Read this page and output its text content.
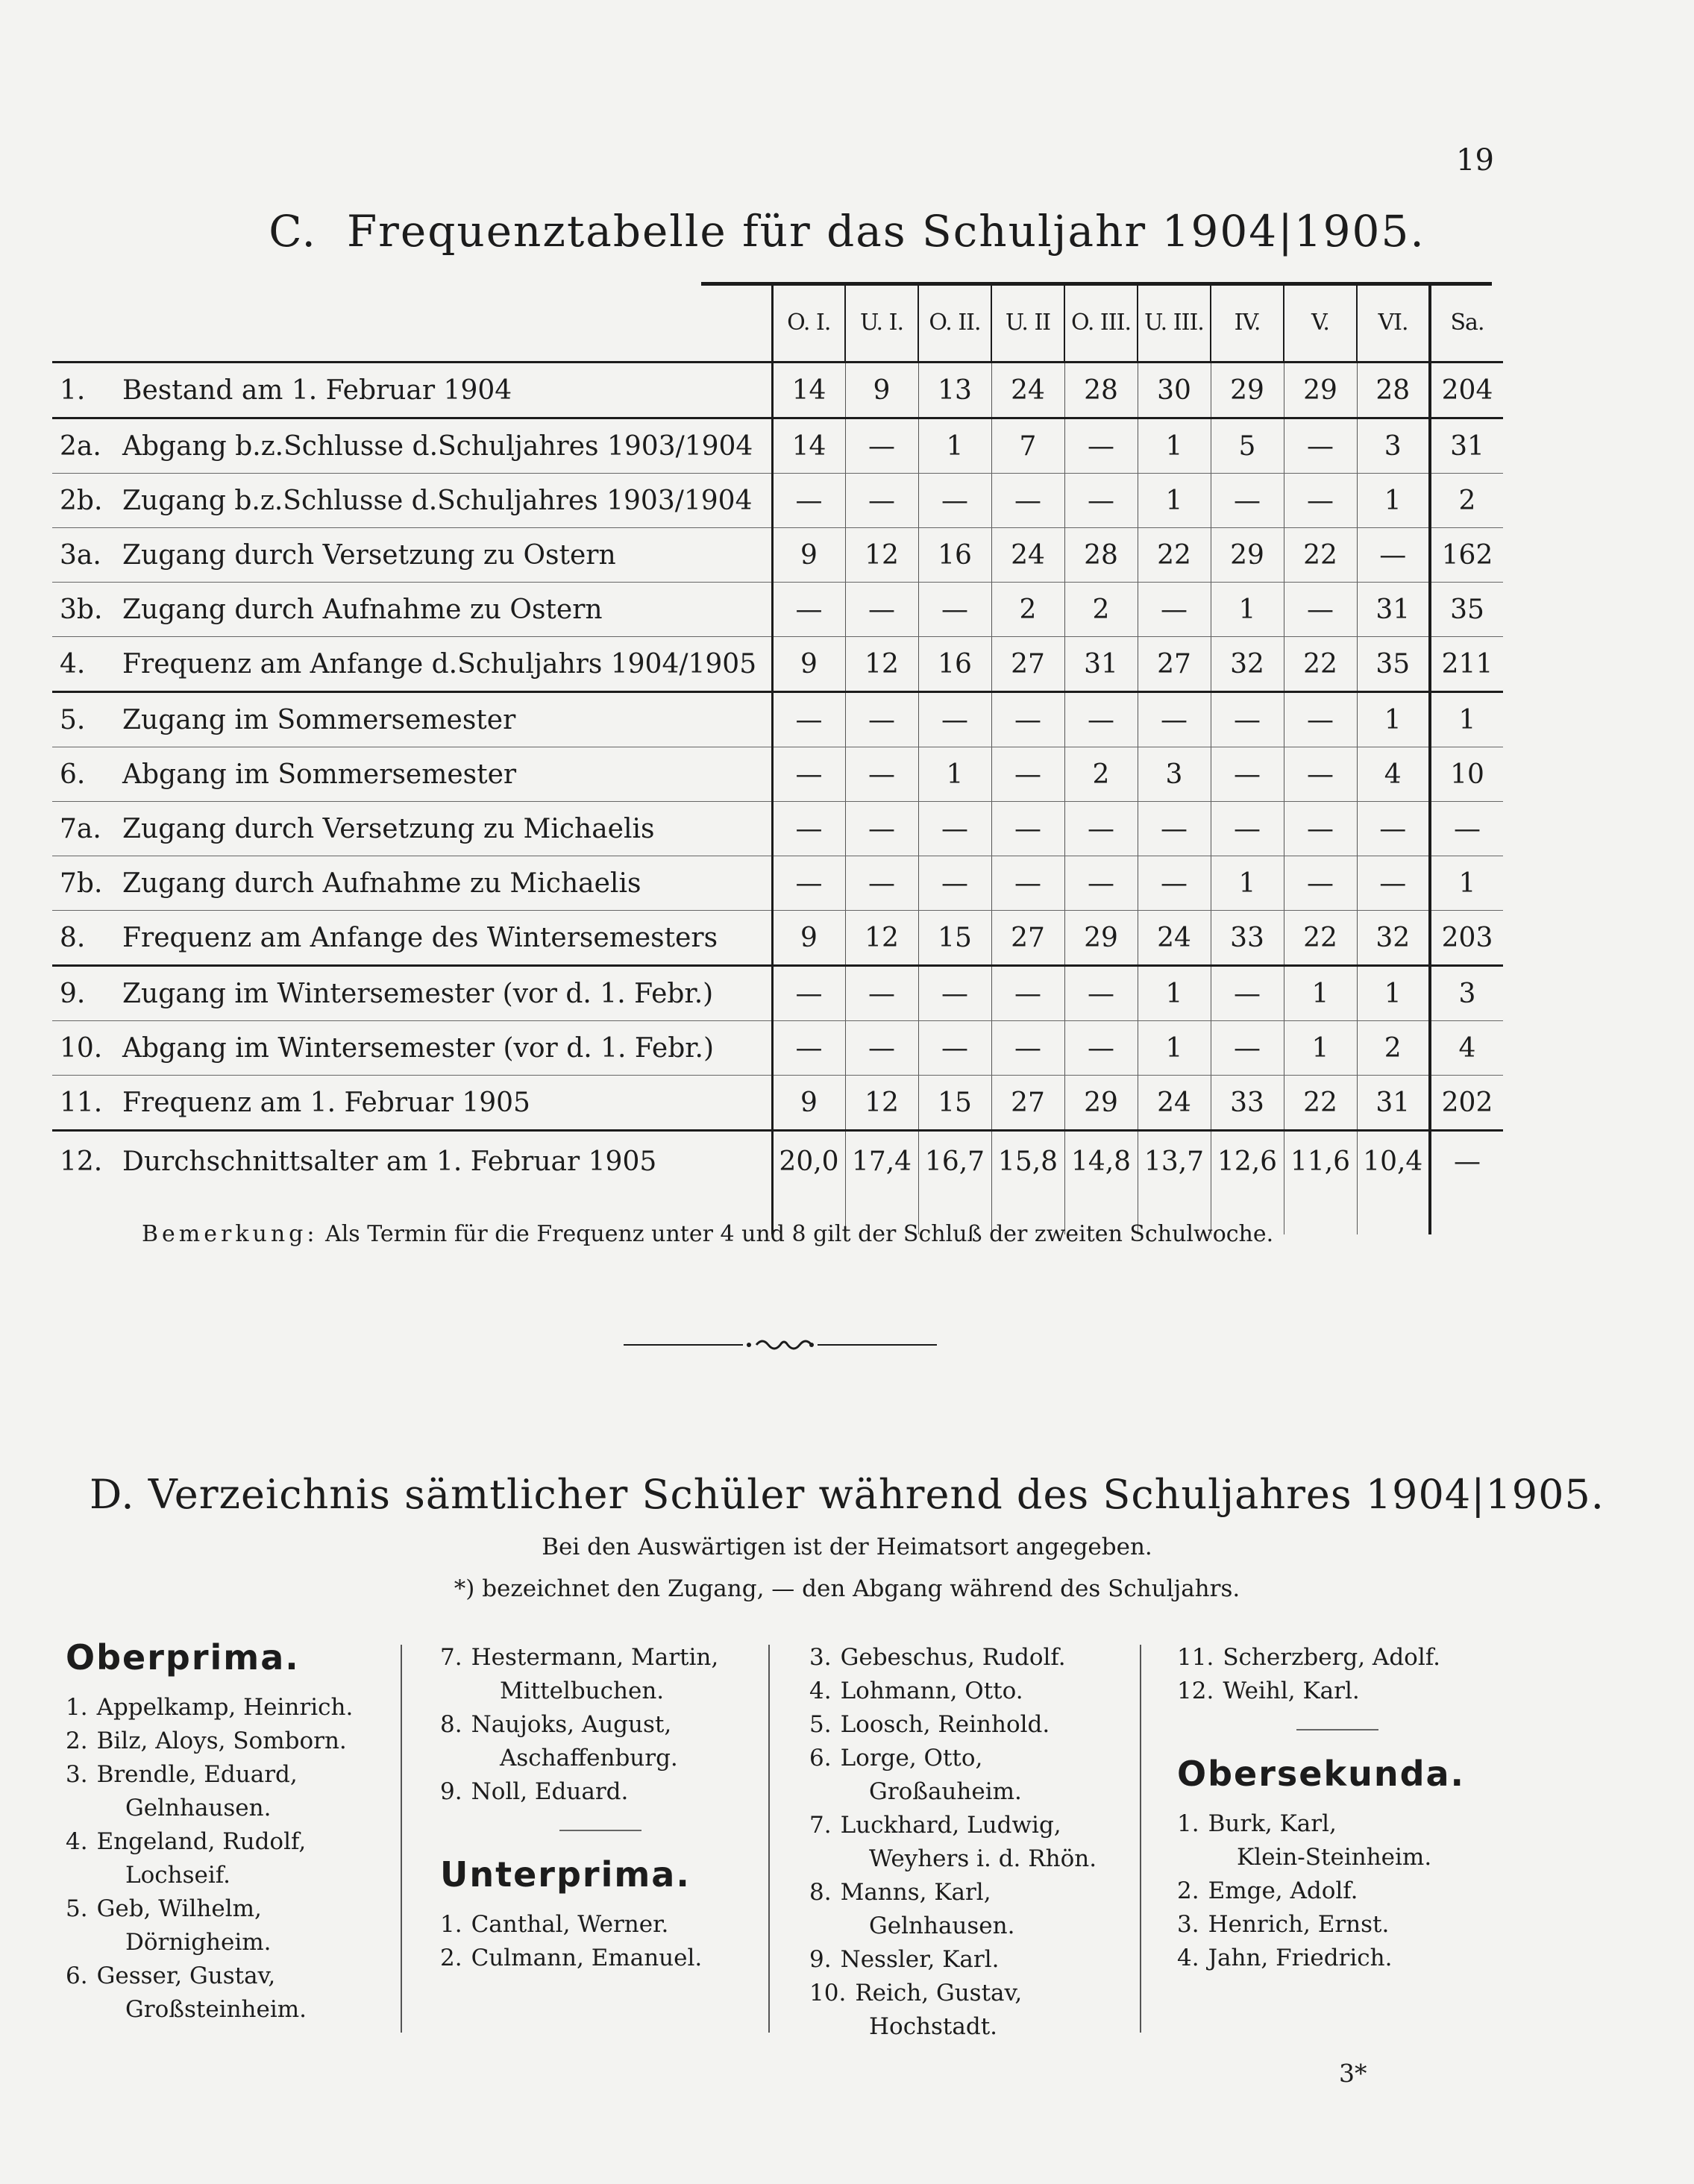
19
C. Frequenztabelle für das Schuljahr 1904|1905.
	O. I.	U. I.	O. II.	U. II	O. III.	U. III.	IV.	V.	VI.	Sa.
1. Bestand am 1. Februar 1904	14	9	13	24	28	30	29	29	28	204
2a. Abgang b.z.Schlusse d.Schuljahres 1903/1904	14	—	1	7	—	1	5	—	3	31
2b. Zugang b.z.Schlusse d.Schuljahres 1903/1904	—	—	—	—	—	1	—	—	1	2
3a. Zugang durch Versetzung zu Ostern	9	12	16	24	28	22	29	22	—	162
3b. Zugang durch Aufnahme zu Ostern	—	—	—	2	2	—	1	—	31	35
4. Frequenz am Anfange d.Schuljahrs 1904/1905	9	12	16	27	31	27	32	22	35	211
5. Zugang im Sommersemester	—	—	—	—	—	—	—	—	1	1
6. Abgang im Sommersemester	—	—	1	—	2	3	—	—	4	10
7a. Zugang durch Versetzung zu Michaelis	—	—	—	—	—	—	—	—	—	—
7b. Zugang durch Aufnahme zu Michaelis	—	—	—	—	—	—	1	—	—	1
8. Frequenz am Anfange des Wintersemesters	9	12	15	27	29	24	33	22	32	203
9. Zugang im Wintersemester (vor d. 1. Febr.)	—	—	—	—	—	1	—	1	1	3
10. Abgang im Wintersemester (vor d. 1. Febr.)	—	—	—	—	—	1	—	1	2	4
11. Frequenz am 1. Februar 1905	9	12	15	27	29	24	33	22	31	202
12. Durchschnittsalter am 1. Februar 1905	20,0	17,4	16,7	15,8	14,8	13,7	12,6	11,6	10,4	—
Bemerkung: Als Termin für die Frequenz unter 4 und 8 gilt der Schluß der zweiten Schulwoche.
D. Verzeichnis sämtlicher Schüler während des Schuljahres 1904|1905.
Bei den Auswärtigen ist der Heimatsort angegeben.
*) bezeichnet den Zugang, — den Abgang während des Schuljahrs.
Oberprima.
1. Appelkamp, Heinrich.
2. Bilz, Aloys, Somborn.
3. Brendle, Eduard,
Gelnhausen.
4. Engeland, Rudolf,
Lochseif.
5. Geb, Wilhelm,
Dörnigheim.
6. Gesser, Gustav,
Großsteinheim.
7. Hestermann, Martin,
Mittelbuchen.
8. Naujoks, August,
Aschaffenburg.
9. Noll, Eduard.
Unterprima.
1. Canthal, Werner.
2. Culmann, Emanuel.
3. Gebeschus, Rudolf.
4. Lohmann, Otto.
5. Loosch, Reinhold.
6. Lorge, Otto,
Großauheim.
7. Luckhard, Ludwig,
Weyhers i. d. Rhön.
8. Manns, Karl,
Gelnhausen.
9. Nessler, Karl.
10. Reich, Gustav,
Hochstadt.
11. Scherzberg, Adolf.
12. Weihl, Karl.
Obersekunda.
1. Burk, Karl,
Klein-Steinheim.
2. Emge, Adolf.
3. Henrich, Ernst.
4. Jahn, Friedrich.
3*
